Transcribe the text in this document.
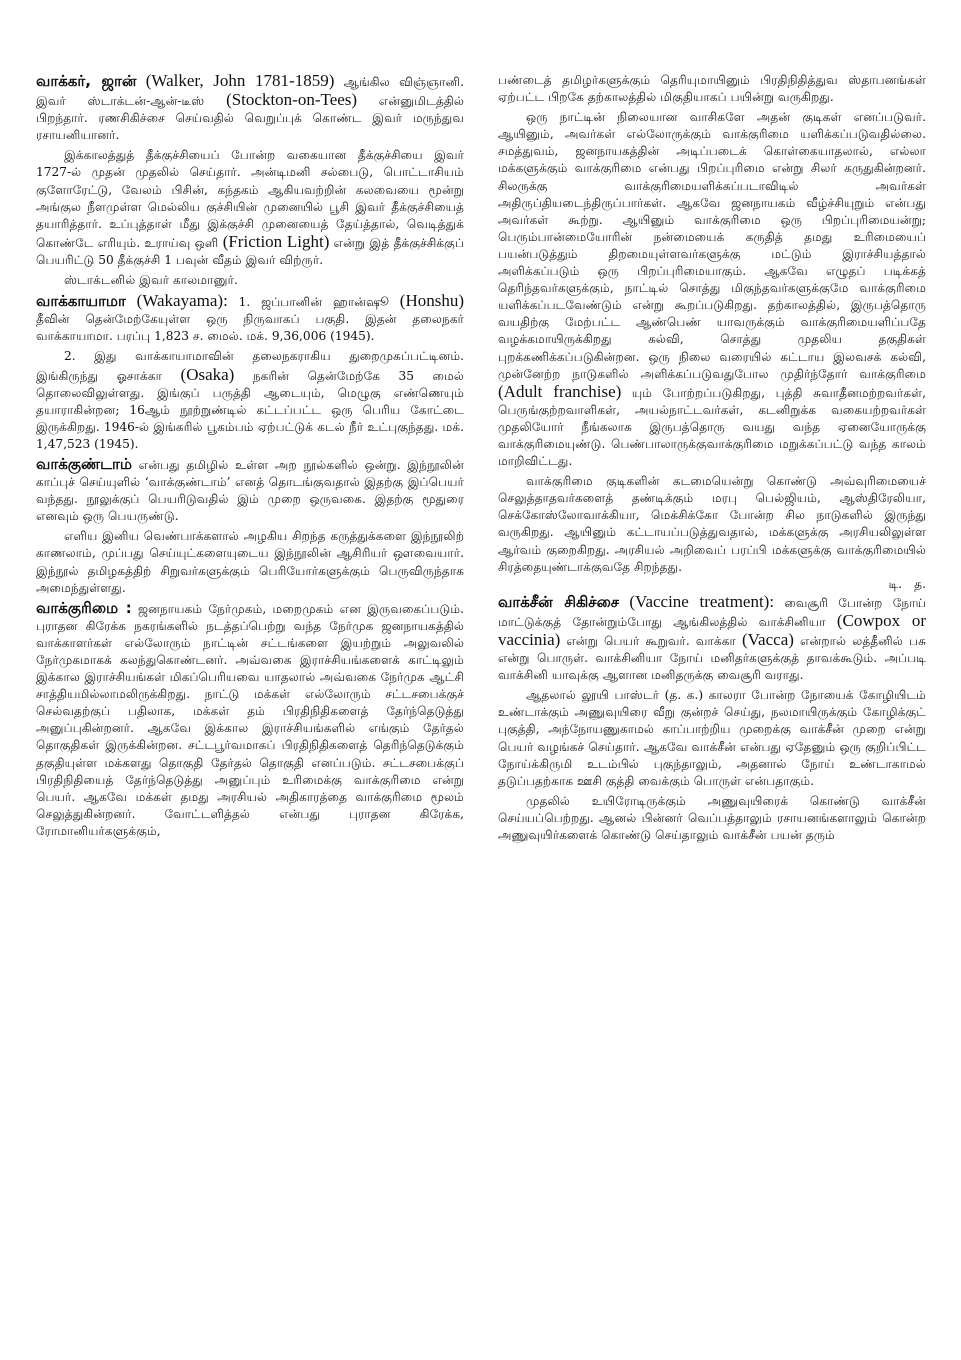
வாக்கர், ஜான் (Walker, John 1781-1859) ஆங்கில விஞ்ஞானி. இவர் ஸ்டாக்டன்-ஆன்-டீஸ் (Stockton-on-Tees) என்னுமிடத்தில் பிறந்தார். ரணசிகிச்சை செய்வதில் வெறுப்புக் கொண்ட இவர் மருந்துவ ரசாயனியானர்.

இக்காலத்துத் தீக்குச்சியைப் போன்ற வகையான தீக்குச்சியை இவர் 1727-ல் முதன் முதலில் செய்தார். அன்டிமனி சல்பைடு, பொட்டாசியம் குளோரேட்டு, வேலம் பிசின், கந்தகம் ஆகியவற்றின் கலவையை மூன்று அங்குல நீளமுள்ள மெல்லிய குச்சியின் முனையில் பூசி இவர் தீக்குச்சியைத் தயாரித்தார். உப்புத்தாள் மீது இக்குச்சி முனையைத் தேய்த்தால், வெடித்துக் கொண்டே எரியும். உராய்வு ஒளி (Friction Light) என்று இத் தீக்குச்சிக்குப் பெயரிட்டு 50 தீக்குச்சி 1 பவுன் வீதம் இவர் விற்ருர்.

ஸ்டாக்டனில் இவர் காலமானுர்.

வாக்காயாமா (Wakayama): 1. ஜப்பானின் ஹான்ஷூ (Honshu) தீவின் தென்மேற்கேயுள்ள ஒரு நிருவாகப் பகுதி. இதன் தலைநகர் வாக்காயாமா. பரப்பு 1,823 ச. மைல். மக். 9,36,006 (1945).

2. இது வாக்காயாமாவின் தலைநகராகிய துறைமுகப்பட்டினம். இங்கிருந்து ஓசாக்கா (Osaka) நகரின் தென்மேற்கே 35 மைல் தொலைவிலுள்ளது. இங்குப் பருத்தி ஆடையும், மெழுகு எண்ணெயும் தயாராகின்றன; 16ஆம் நூற்றுண்டில் கட்டப்பட்ட ஒரு பெரிய கோட்டை இருக்கிறது. 1946-ல் இங்கரில் பூகம்பம் ஏற்பட்டுக் கடல் நீர் உட்புகுந்தது. மக். 1,47,523 (1945).

வாக்குண்டாம் என்பது தமிழில் உள்ள அற நூல்களில் ஒன்று. இந்நூலின் காப்புச் செய்யுளில் ‘வாக்குண்டாம்’ எனத் தொடங்குவதால் இதற்கு இப்பெயர் வந்தது. நூலுக்குப் பெயரிடுவதில் இம் முறை ஒருவகை. இதற்கு மூதுரை எனவும் ஒரு பெயருண்டு.

எளிய இனிய வெண்பாக்களால் அழகிய சிறந்த கருத்துக்களை இந்நூலிற் காணலாம், முப்பது செய்யுட்களையுடைய இந்நூலின் ஆசிரியர் ஔவையார். இந்நூல் தமிழகத்திற் சிறுவர்களுக்கும் பெரியோர்களுக்கும் பெருவிருந்தாக அமைந்துள்ளது.

வாக்குரிமை : ஜனநாயகம் நேர்முகம், மறைமுகம் என இருவகைப்படும். புராதன கிரேக்க நகரங்களில் நடத்தப்பெற்று வந்த நேர்முக ஜனநாயகத்தில் வாக்காளர்கள் எல்லோரும் நாட்டின் சட்டங்களை இயற்றும் அலுவலில் நேர்முகமாகக் கலந்துகொண்டனர். அவ்வகை இராச்சியங்களைக் காட்டிலும் இக்கால இராச்சியங்கள் மிகப்பெரியவை யாதலால் அவ்வகை நேர்முக ஆட்சி சாத்தியமில்லாமலிருக்கிறது. நாட்டு மக்கள் எல்லோரும் சட்டசபைக்குச் செல்வதற்குப் பதிலாக, மக்கள் தம் பிரதிநிதிகளைத் தேர்ந்தெடுத்து அனுப்புகின்றனர். ஆகவே இக்கால இராச்சியங்களில் எங்கும் தேர்தல் தொகுதிகள் இருக்கின்றன. சட்டபூர்வமாகப் பிரதிநிதிகளைத் தெரிந்தெடுக்கும் தகுதியுள்ள மக்களது தொகுதி தேர்தல் தொகுதி எனப்படும். சட்டசபைக்குப் பிரதிநிதியைத் தேர்ந்தெடுத்து அனுப்பும் உரிமைக்கு வாக்குரிமை என்று பெயர். ஆகவே மக்கள் தமது அரசியல் அதிகாரத்தை வாக்குரிமை மூலம் செலுத்துகின்றனர். வோட்டளித்தல் என்பது புராதன கிரேக்க, ரோமானியர்களுக்கும்,

பண்டைத் தமிழர்களுக்கும் தெரியுமாயினும் பிரதிநிதித்துவ ஸ்தாபனங்கள் ஏற்பட்ட பிறகே தற்காலத்தில் மிகுதியாகப் பயின்று வருகிறது.

ஒரு நாட்டின் நிலையான வாசிகளே அதன் குடிகள் எனப்படுவர். ஆயினும், அவர்கள் எல்லோருக்கும் வாக்குரிமை யளிக்கப்படுவதில்லை. சமத்துவம், ஜனநாயகத்தின் அடிப்படைக் கொள்கையாதலால், எல்லா மக்களுக்கும் வாக்குரிமை என்பது பிறப்புரிமை என்று சிலர் கருதுகின்றனர். சிலருக்கு வாக்குரிமையளிக்கப்படாவிடில் அவர்கள் அதிருப்தியடைந்திருப்பார்கள். ஆகவே ஜனநாயகம் வீழ்ச்சியுறும் என்பது அவர்கள் கூற்று. ஆயினும் வாக்குரிமை ஒரு பிறப்புரிமையன்று; பெரும்பான்மையோரின் நன்மையைக் கருதித் தமது உரிமையைப் பயன்படுத்தும் திறமையுள்ளவர்களுக்கு மட்டும் இராச்சியத்தால் அளிக்கப்படும் ஒரு பிறப்புரிமையாகும். ஆகவே எழுதப் படிக்கத் தெரிந்தவர்களுக்கும், நாட்டில் சொத்து மிகுந்தவர்களுக்குமே வாக்குரிமை யளிக்கப்படவேண்டும் என்று கூறப்படுகிறது. தற்காலத்தில், இருபத்தொரு வயதிற்கு மேற்பட்ட ஆண்பெண் யாவருக்கும் வாக்குரிமையளிப்பதே வழக்கமாயிருக்கிறது கல்வி, சொத்து முதலிய தகுதிகள் புறக்கணிக்கப்படுகின்றன. ஒரு நிலை வரையில் கட்டாய இலவசக் கல்வி, முன்னேற்ற நாடுகளில் அளிக்கப்படுவதுபோல முதிர்ந்தோர் வாக்குரிமை (Adult franchise) யும் போற்றப்படுகிறது, புத்தி சுவாதீனமற்றவர்கள், பெருங்குற்றவாளிகள், அயல்நாட்டவர்கள், கடனிறுக்க வகையற்றவர்கள் முதலியோர் நீங்கலாக இருபத்தொரு வயது வந்த ஏனையோருக்கு வாக்குரிமையுண்டு. பெண்பாலாருக்குவாக்குரிமை மறுக்கப்பட்டு வந்த காலம் மாறிவிட்டது.

வாக்குரிமை குடிகளின் கடமையென்று கொண்டு அவ்வுரிமையைச் செலுத்தாதவர்களைத் தண்டிக்கும் மரபு பெல்ஜியம், ஆஸ்திரேலியா, செக்கோஸ்லோவாக்கியா, மெக்சிக்கோ போன்ற சில நாடுகளில் இருந்து வருகிறது. ஆயினும் கட்டாயப்படுத்துவதால், மக்களுக்கு அரசியலிலுள்ள ஆர்வம் குறைகிறது. அரசியல் அறிவைப் பரப்பி மக்களுக்கு வாக்குரிமையில் சிரத்தையுண்டாக்குவதே சிறந்தது.

டி. த.

வாக்சீன் சிகிச்சை (Vaccine treatment): வைசூரி போன்ற நோய் மாட்டுக்குத் தோன்றும்போது ஆங்கிலத்தில் வாக்சினியா (Cowpox or vaccinia) என்று பெயர் கூறுவர். வாக்கா (Vacca) என்றால் லத்தீனில் பசு என்று பொருள். வாக்சினியா நோய் மனிதர்களுக்குத் தாவக்கூடும். அப்படி வாக்சினி யாவுக்கு ஆளான மனிதருக்கு வைசூரி வராது.

ஆதலால் லூயி பாஸ்டர் (த. க.) காலரா போன்ற நோயைக் கோழியிடம் உண்டாக்கும் அணுவுயிரை வீறு குன்றச் செய்து, நலமாயிருக்கும் கோழிக்குட் புகுத்தி, அந்நோயணுகாமல் காப்பாற்றிய முறைக்கு வாக்சீன் முறை என்று பெயர் வழங்கச் செய்தார். ஆகவே வாக்சீன் என்பது ஏதேனும் ஒரு குறிப்பிட்ட நோய்க்கிருமி உடம்பில் புகுந்தாலும், அதனால் நோய் உண்டாகாமல் தடுப்பதற்காக ஊசி குத்தி வைக்கும் பொருள் என்பதாகும்.

முதலில் உயிரோடிருக்கும் அணுவுயிரைக் கொண்டு வாக்சீன் செய்யப்பெற்றது. ஆனல் பின்னர் வெப்பத்தாலும் ரசாயனங்களாலும் கொன்ற அணுவுயிர்களைக் கொண்டு செய்தாலும் வாக்சீன் பயன் தரும்
